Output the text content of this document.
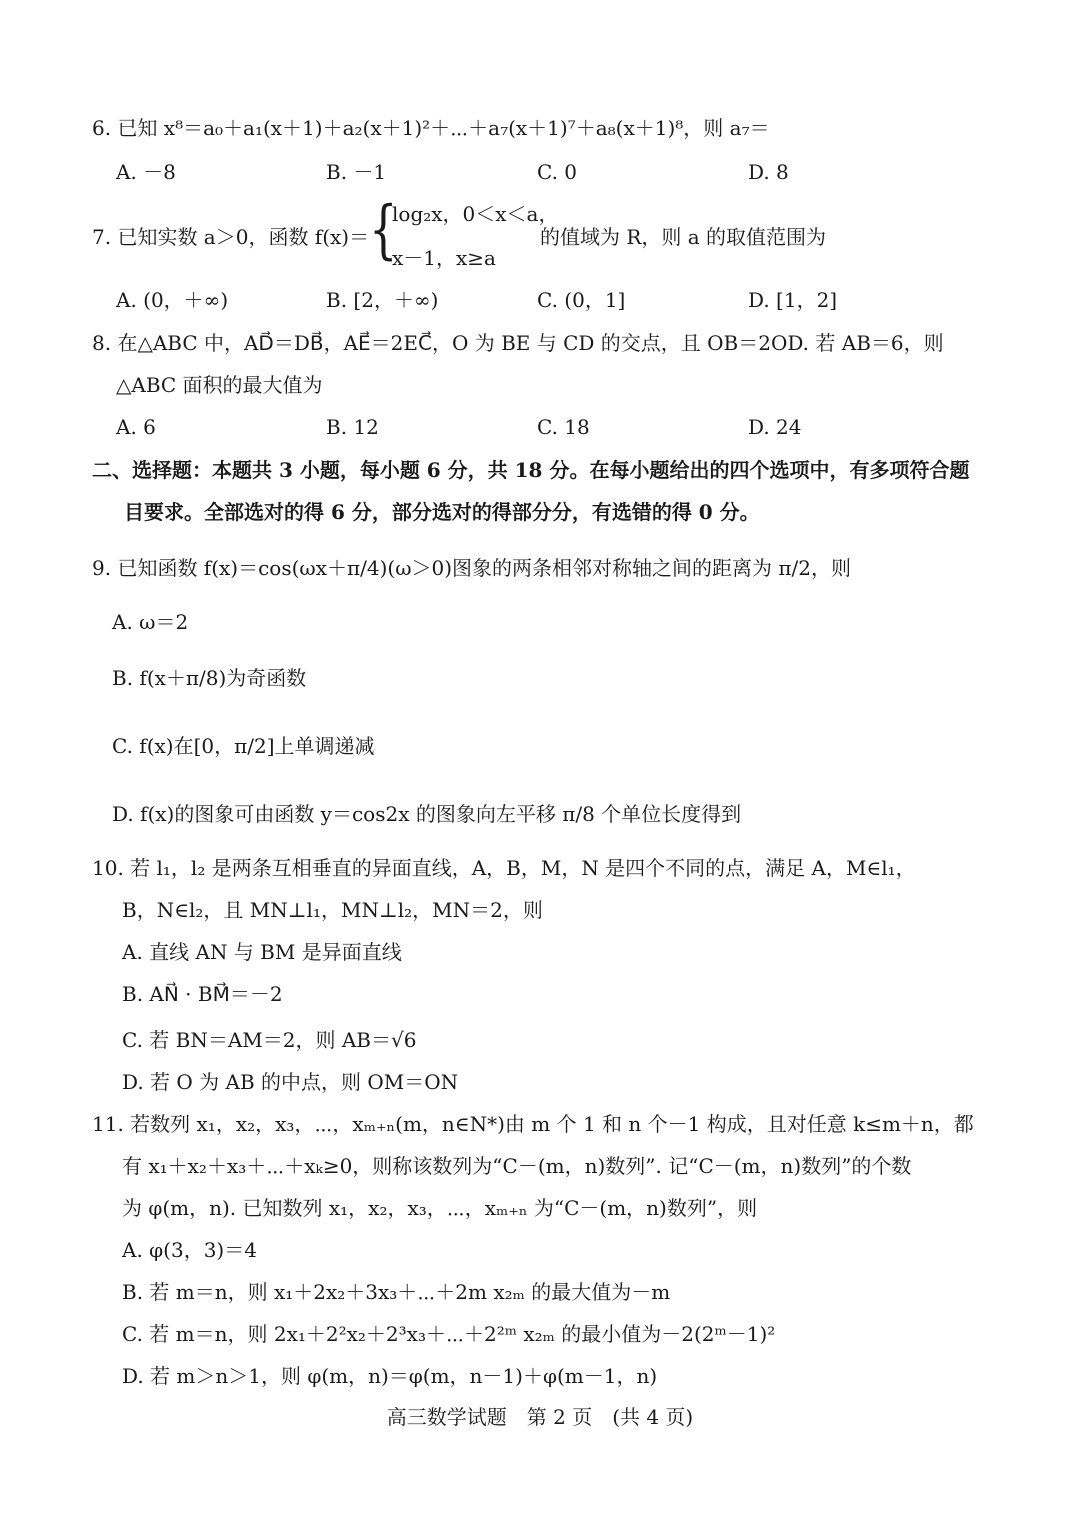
6. 已知 x⁸＝a₀＋a₁(x＋1)＋a₂(x＋1)²＋⋯＋a₇(x＋1)⁷＋a₈(x＋1)⁸，则 a₇＝
A. －8	B. －1	C. 0	D. 8
7. 已知实数 a＞0，函数 f(x)＝ {
log₂x，0＜x＜a，
x－1，x≥a
的值域为 R，则 a 的取值范围为
A. (0，＋∞)	B. [2，＋∞)	C. (0，1]	D. [1，2]
8. 在△ABC 中，AD⃗＝DB⃗，AE⃗＝2EC⃗，O 为 BE 与 CD 的交点，且 OB＝2OD. 若 AB＝6，则
△ABC 面积的最大值为
A. 6	B. 12	C. 18	D. 24
二、选择题：本题共 3 小题，每小题 6 分，共 18 分。在每小题给出的四个选项中，有多项符合题
目要求。全部选对的得 6 分，部分选对的得部分分，有选错的得 0 分。
9. 已知函数 f(x)＝cos(ωx＋π/4)(ω＞0)图象的两条相邻对称轴之间的距离为 π/2，则
A. ω＝2
B. f(x＋π/8)为奇函数
C. f(x)在[0，π/2]上单调递减
D. f(x)的图象可由函数 y＝cos2x 的图象向左平移 π/8 个单位长度得到
10. 若 l₁，l₂ 是两条互相垂直的异面直线，A，B，M，N 是四个不同的点，满足 A，M∈l₁，
B，N∈l₂，且 MN⊥l₁，MN⊥l₂，MN＝2，则
A. 直线 AN 与 BM 是异面直线
B. AN⃗ · BM⃗＝－2
C. 若 BN＝AM＝2，则 AB＝√6
D. 若 O 为 AB 的中点，则 OM＝ON
11. 若数列 x₁，x₂，x₃，⋯，xₘ₊ₙ(m，n∈N*)由 m 个 1 和 n 个－1 构成，且对任意 k≤m＋n，都
有 x₁＋x₂＋x₃＋⋯＋xₖ≥0，则称该数列为“C－(m，n)数列”. 记“C－(m，n)数列”的个数
为 φ(m，n). 已知数列 x₁，x₂，x₃，⋯，xₘ₊ₙ 为“C－(m，n)数列”，则
A. φ(3，3)＝4
B. 若 m＝n，则 x₁＋2x₂＋3x₃＋⋯＋2m x₂ₘ 的最大值为－m
C. 若 m＝n，则 2x₁＋2²x₂＋2³x₃＋⋯＋2²ᵐ x₂ₘ 的最小值为－2(2ᵐ－1)²
D. 若 m＞n＞1，则 φ(m，n)＝φ(m，n－1)＋φ(m－1，n)
高三数学试题　第 2 页　(共 4 页)
